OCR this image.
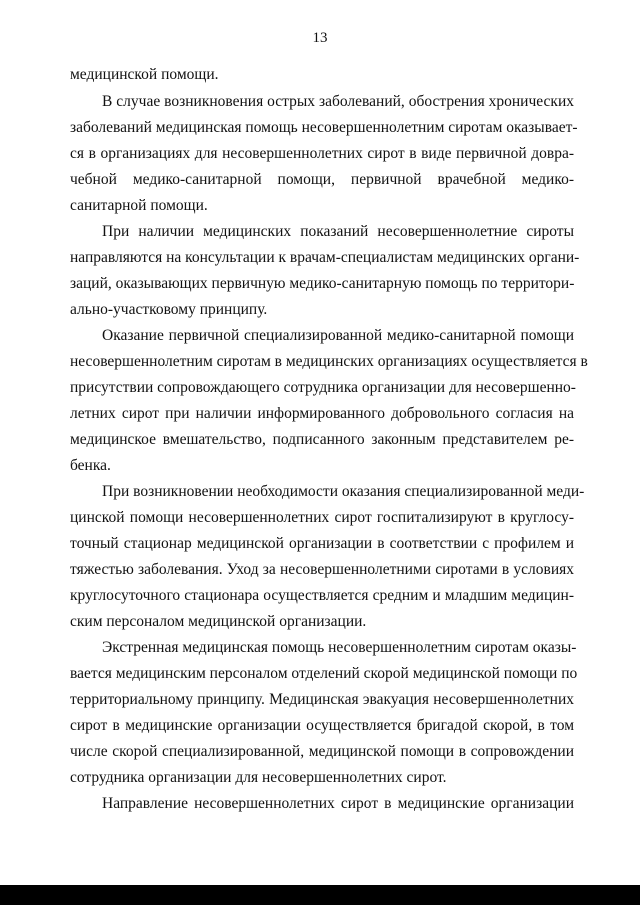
13
медицинской помощи.
В случае возникновения острых заболеваний, обострения хронических
заболеваний медицинская помощь несовершеннолетним сиротам оказывает-
ся в организациях для несовершеннолетних сирот в виде первичной довра-
чебной медико-санитарной помощи, первичной врачебной медико-
санитарной помощи.
При наличии медицинских показаний несовершеннолетние сироты
направляются на консультации к врачам-специалистам медицинских органи-
заций, оказывающих первичную медико-санитарную помощь по территори-
ально-участковому принципу.
Оказание первичной специализированной медико-санитарной помощи
несовершеннолетним сиротам в медицинских организациях осуществляется в
присутствии сопровождающего сотрудника организации для несовершенно-
летних сирот при наличии информированного добровольного согласия на
медицинское вмешательство, подписанного законным представителем ре-
бенка.
При возникновении необходимости оказания специализированной меди-
цинской помощи несовершеннолетних сирот госпитализируют в круглосу-
точный стационар медицинской организации в соответствии с профилем и
тяжестью заболевания. Уход за несовершеннолетними сиротами в условиях
круглосуточного стационара осуществляется средним и младшим медицин-
ским персоналом медицинской организации.
Экстренная медицинская помощь несовершеннолетним сиротам оказы-
вается медицинским персоналом отделений скорой медицинской помощи по
территориальному принципу. Медицинская эвакуация несовершеннолетних
сирот в медицинские организации осуществляется бригадой скорой, в том
числе скорой специализированной, медицинской помощи в сопровождении
сотрудника организации для несовершеннолетних сирот.
Направление несовершеннолетних сирот в медицинские организации
